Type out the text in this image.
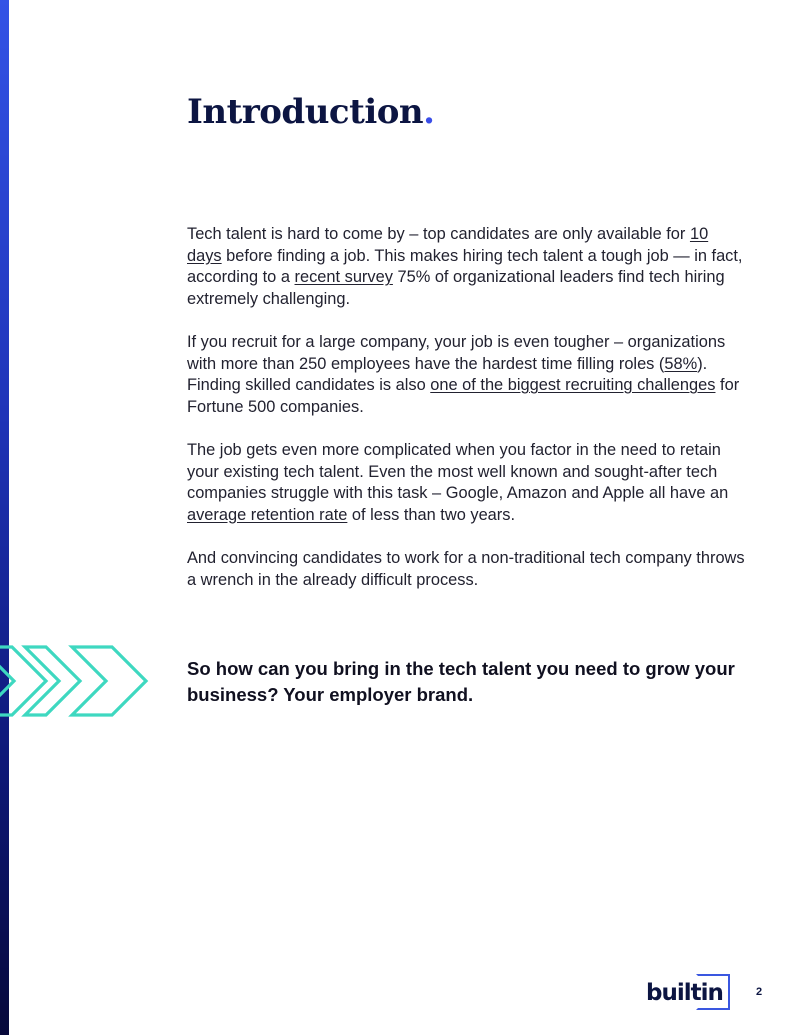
Introduction.

Tech talent is hard to come by – top candidates are only available for 10 days before finding a job. This makes hiring tech talent a tough job — in fact, according to a recent survey 75% of organizational leaders find tech hiring extremely challenging.

If you recruit for a large company, your job is even tougher – organizations with more than 250 employees have the hardest time filling roles (58%). Finding skilled candidates is also one of the biggest recruiting challenges for Fortune 500 companies.

The job gets even more complicated when you factor in the need to retain your existing tech talent. Even the most well known and sought-after tech companies struggle with this task – Google, Amazon and Apple all have an average retention rate of less than two years.

And convincing candidates to work for a non-traditional tech company throws a wrench in the already difficult process.

So how can you bring in the tech talent you need to grow your business? Your employer brand.
builtin	2
